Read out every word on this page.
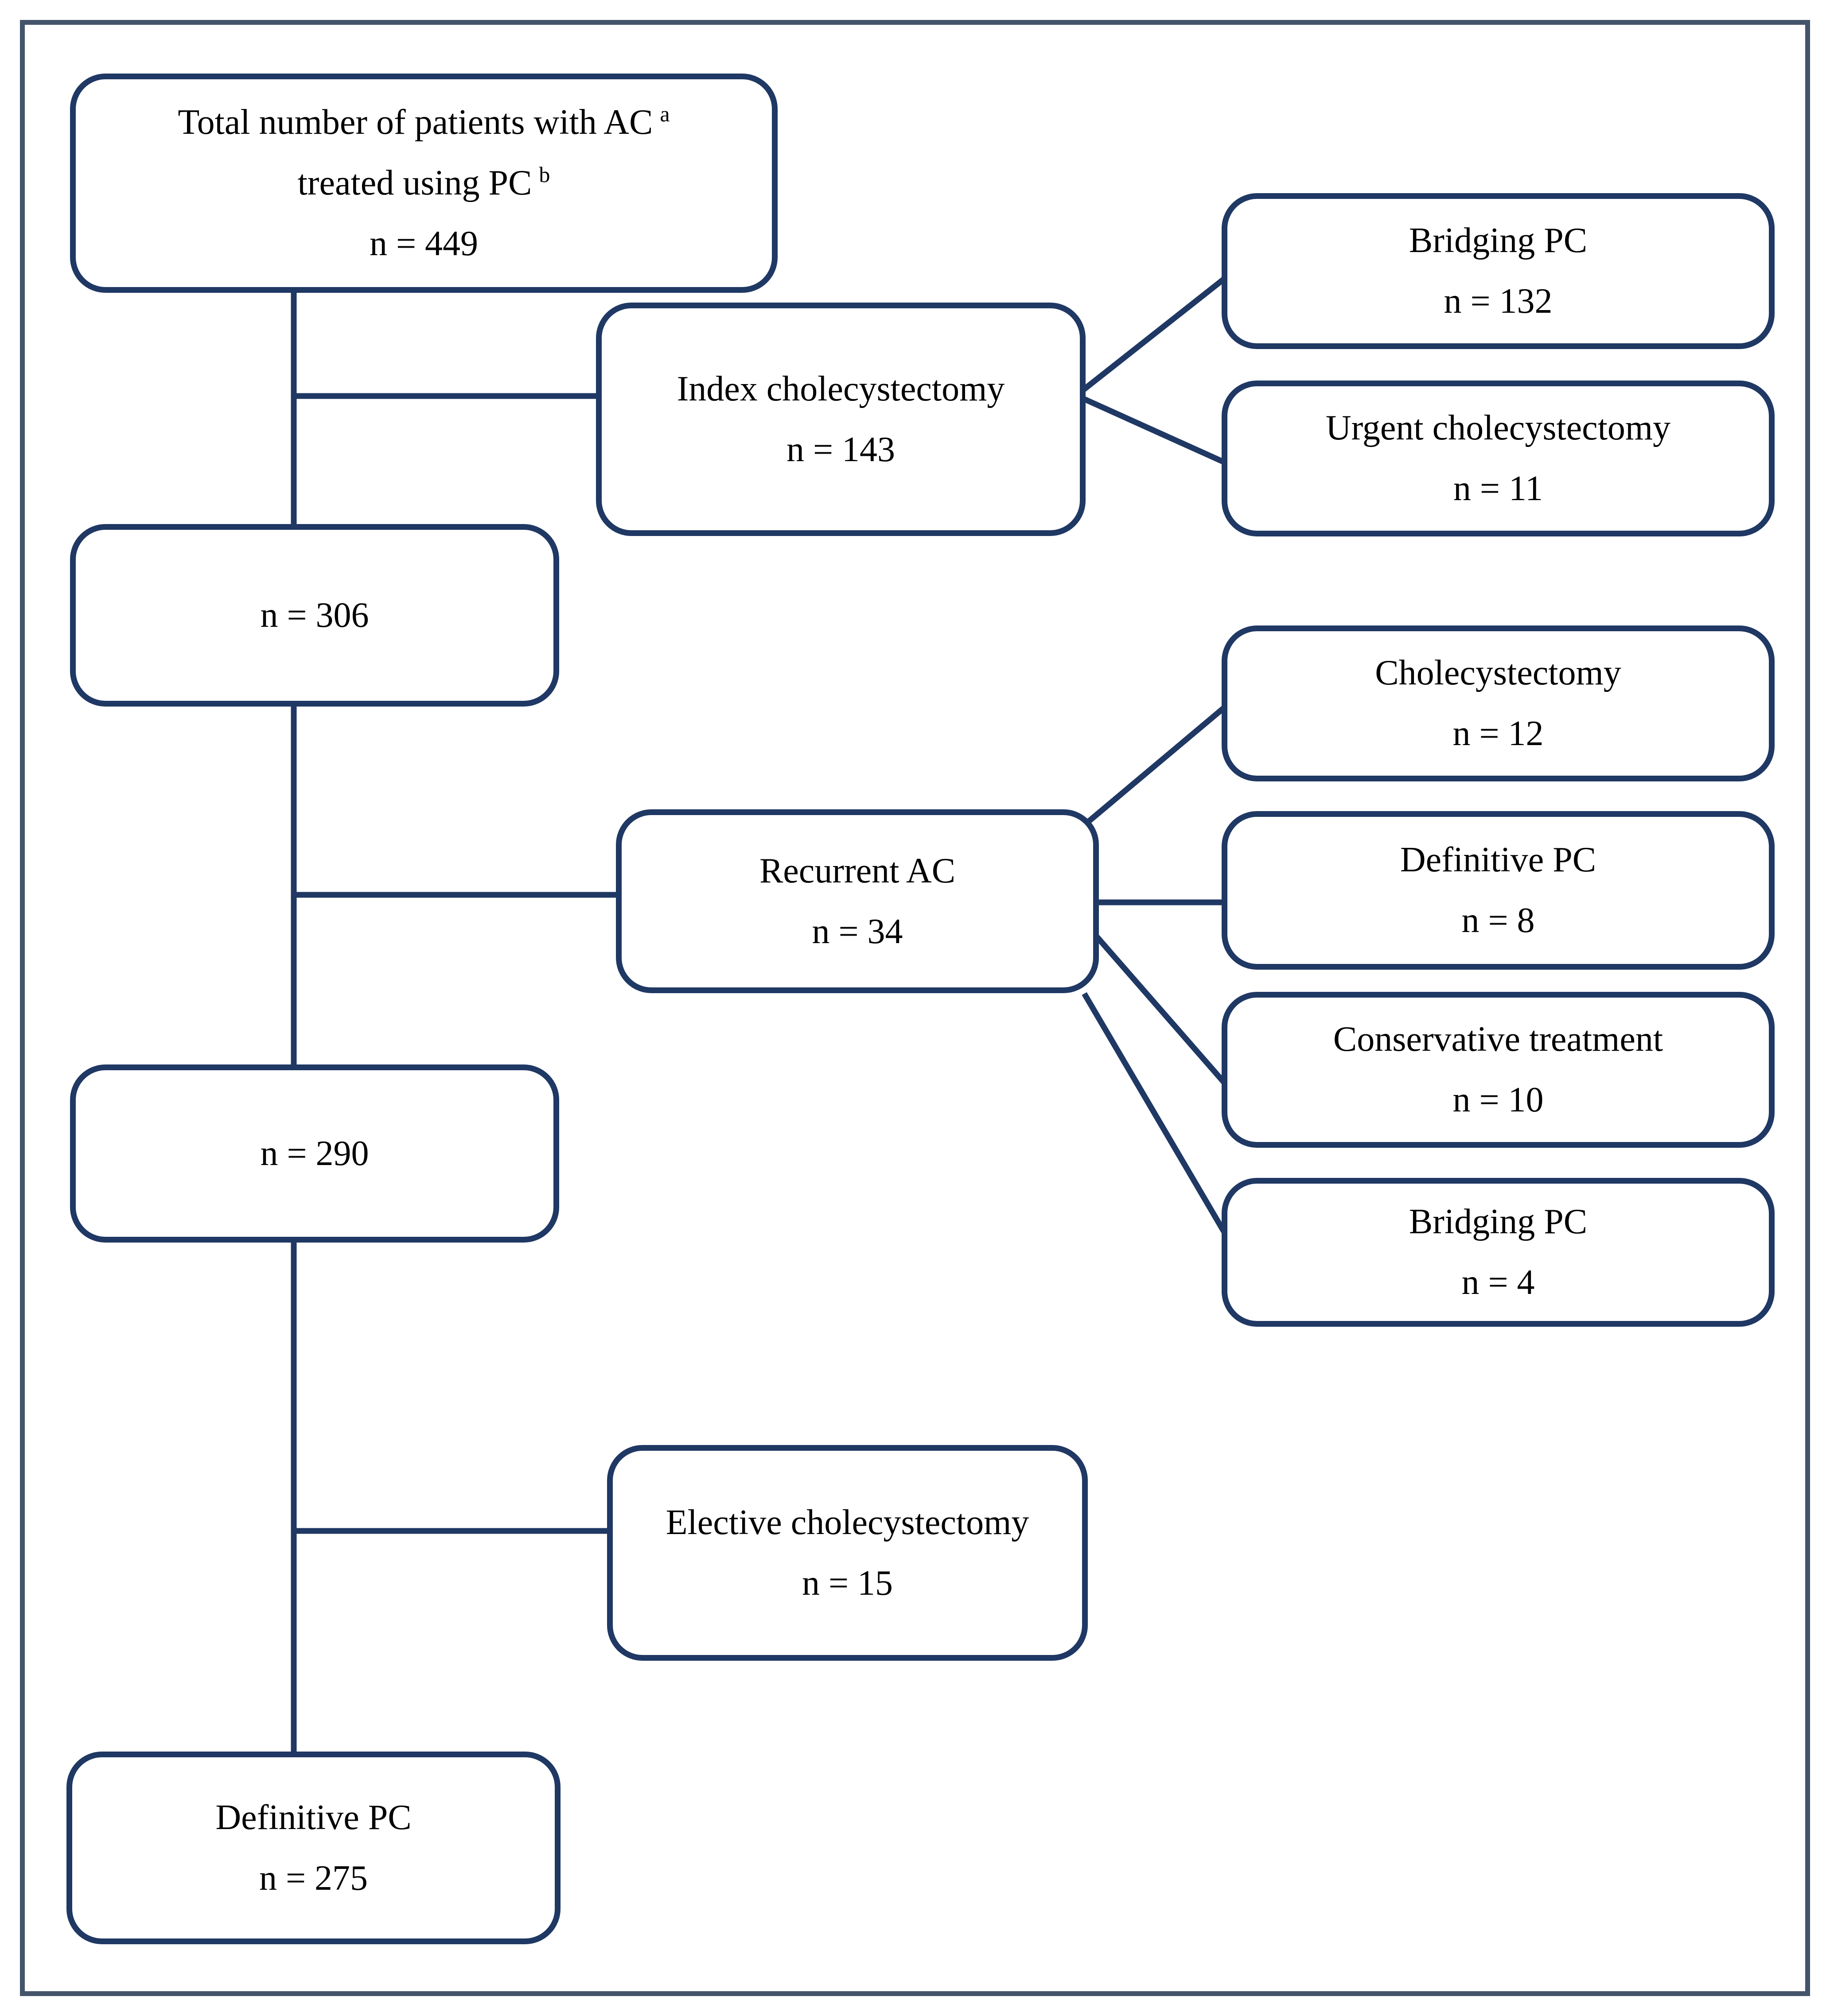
Total number of patients with AC $^a$
treated using PC $^b$
n = 449
Index cholecystectomy
n = 143
Bridging PC
n = 132
Urgent cholecystectomy
n = 11
n = 306
Recurrent AC
n = 34
Cholecystectomy
n = 12
Definitive PC
n = 8
Conservative treatment
n = 10
Bridging PC
n = 4
n = 290
Elective cholecystectomy
n = 15
Definitive PC
n = 275
